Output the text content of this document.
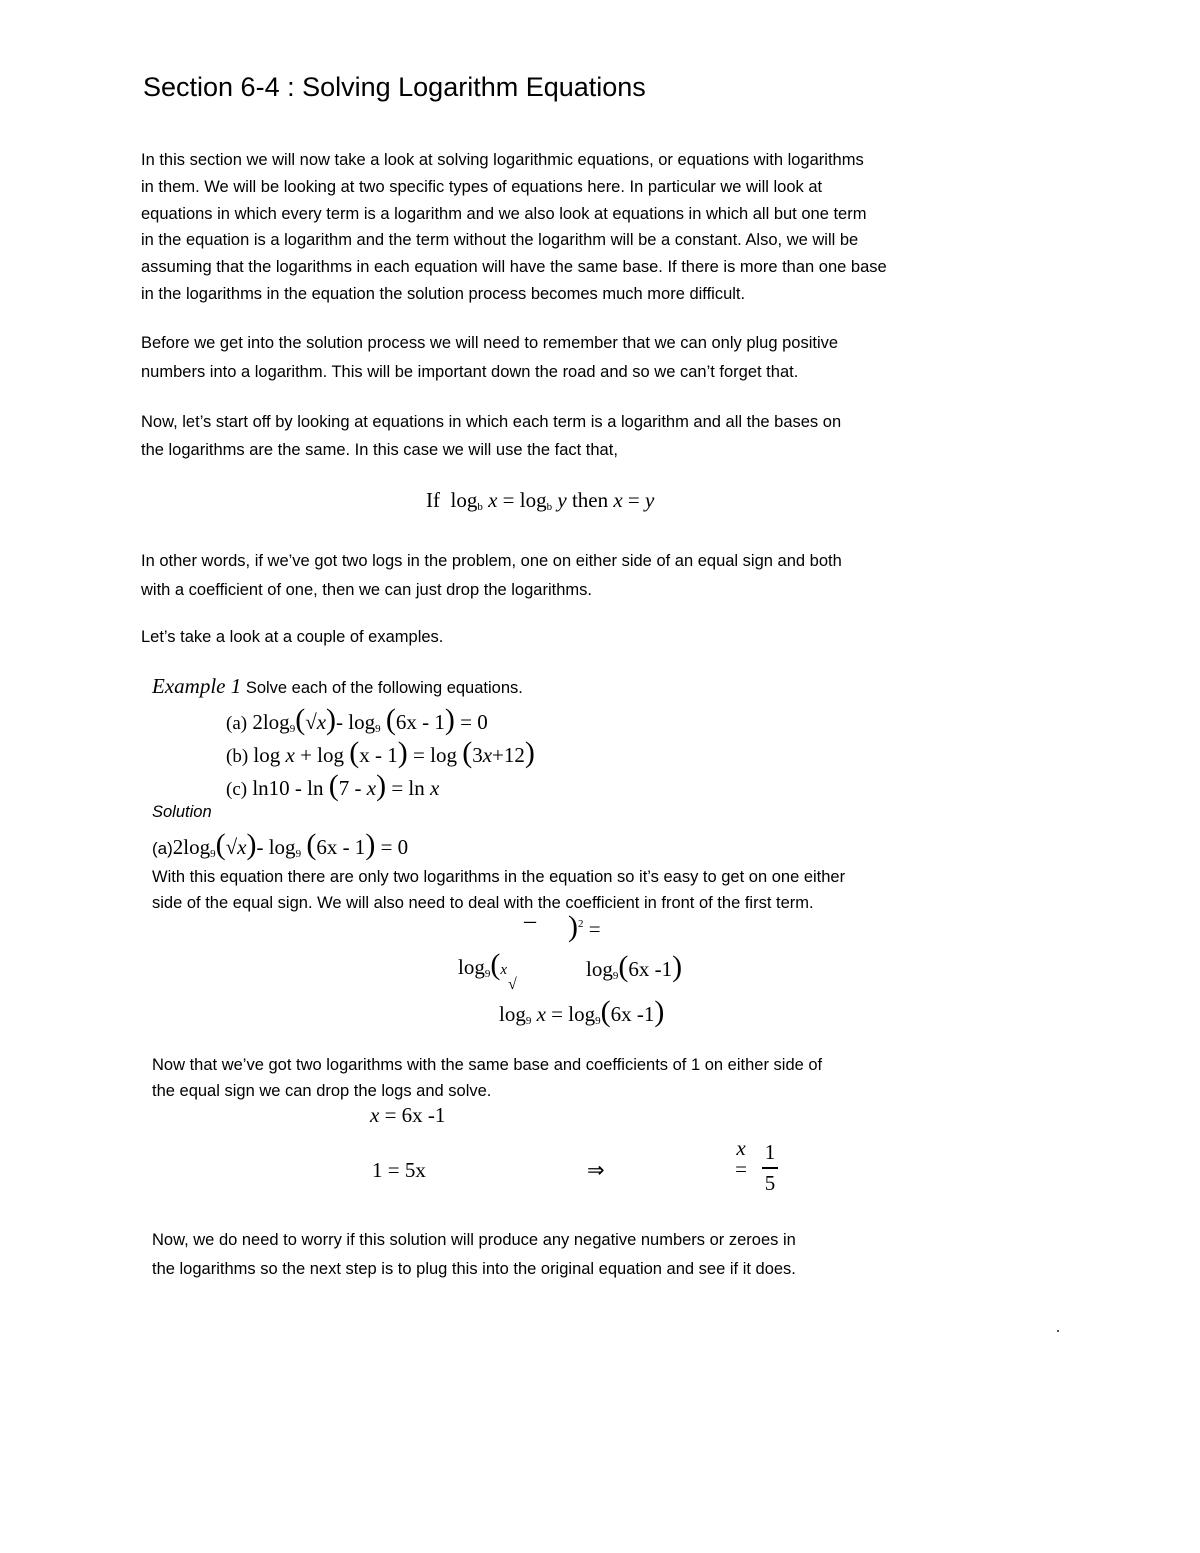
Section 6-4 : Solving Logarithm Equations
In this section we will now take a look at solving logarithmic equations, or equations with logarithms
in them. We will be looking at two specific types of equations here. In particular we will look at
equations in which every term is a logarithm and we also look at equations in which all but one term
in the equation is a logarithm and the term without the logarithm will be a constant. Also, we will be
assuming that the logarithms in each equation will have the same base. If there is more than one base
in the logarithms in the equation the solution process becomes much more difficult.
Before we get into the solution process we will need to remember that we can only plug positive
numbers into a logarithm. This will be important down the road and so we can’t forget that.
Now, let’s start off by looking at equations in which each term is a logarithm and all the bases on
the logarithms are the same. In this case we will use the fact that,
If $\log_b x = \log_b y$ then x = y
In other words, if we’ve got two logs in the problem, one on either side of an equal sign and both
with a coefficient of one, then we can just drop the logarithms.
Let’s take a look at a couple of examples.
Example 1 Solve each of the following equations.
(a) $2\log_9(√x)-$ $\log_9 (6x - 1) = 0$
(b) log x + log (x - 1) = log (3x+12)
(c) ln10 - ln (7 - x) = ln x
Solution
$(a)2\log_9(√x)-$ $\log_9 (6x - 1) = 0$
With this equation there are only two logarithms in the equation so it’s easy to get on one either
side of the equal sign. We will also need to deal with the coefficient in front of the first term.
– )$^2$ =
$\log_9(x$	$\log_9(6x$ -1)
√
$\log_9 x = \log_9(6x$ -1)
Now that we’ve got two logarithms with the same base and coefficients of 1 on either side of
the equal sign we can drop the logs and solve.
x = 6x -1
1 = 5x	⇒
x
= $\frac{1}{5}$
Now, we do need to worry if this solution will produce any negative numbers or zeroes in
the logarithms so the next step is to plug this into the original equation and see if it does.
